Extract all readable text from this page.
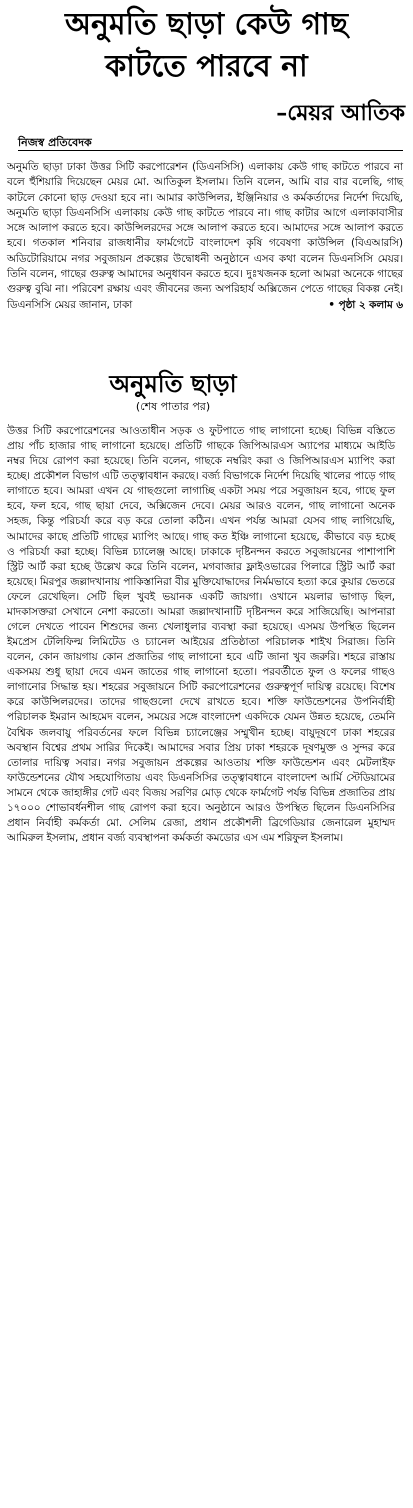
অনুমতি ছাড়া কেউ গাছ
কাটতে পারবে না
–মেয়র আতিক
নিজস্ব প্রতিবেদক

অনুমতি ছাড়া ঢাকা উত্তর সিটি করপোরেশন (ডিএনসিসি) এলাকায় কেউ গাছ কাটতে পারবে না বলে হুঁশিয়ারি দিয়েছেন মেয়র মো. আতিকুল ইসলাম। তিনি বলেন, আমি বার বার বলেছি, গাছ কাটলে কোনো ছাড় দেওয়া হবে না। আমার কাউন্সিলর, ইঞ্জিনিয়ার ও কর্মকর্তাদের নির্দেশ দিয়েছি, অনুমতি ছাড়া ডিএনসিসি এলাকায় কেউ গাছ কাটতে পারবে না। গাছ কাটার আগে এলাকাবাসীর সঙ্গে আলাপ করতে হবে। কাউন্সিলরদের সঙ্গে আলাপ করতে হবে। আমাদের সঙ্গে আলাপ করতে হবে। গতকাল শনিবার রাজধানীর ফার্মগেটে বাংলাদেশ কৃষি গবেষণা কাউন্সিল (বিএআরসি) অডিটোরিয়ামে নগর সবুজায়ন প্রকল্পের উদ্বোধনী অনুষ্ঠানে এসব কথা বলেন ডিএনসিসি মেয়র। তিনি বলেন, গাছের গুরুত্ব আমাদের অনুধাবন করতে হবে। দুঃখজনক হলো আমরা অনেকে গাছের গুরুত্ব বুঝি না। পরিবেশ রক্ষায় এবং জীবনের জন্য অপরিহার্য অক্সিজেন পেতে গাছের বিকল্প নেই। ডিএনসিসি মেয়র জানান, ঢাকা	• পৃষ্ঠা ২ কলাম ৬

অনুমতি ছাড়া
(শেষ পাতার পর)

উত্তর সিটি করপোরেশনের আওতাধীন সড়ক ও ফুটপাতে গাছ লাগানো হচ্ছে। বিভিন্ন বস্তিতে প্রায় পাঁচ হাজার গাছ লাগানো হয়েছে। প্রতিটি গাছকে জিপিআরএস অ্যাপের মাধ্যমে আইডি নম্বর দিয়ে রোপণ করা হয়েছে। তিনি বলেন, গাছকে নম্বরিং করা ও জিপিআরএস ম্যাপিং করা হচ্ছে। প্রকৌশল বিভাগ এটি তত্ত্বাবধান করছে। বর্জ্য বিভাগকে নির্দেশ দিয়েছি খালের পাড়ে গাছ লাগাতে হবে। আমরা এখন যে গাছগুলো লাগাচ্ছি একটা সময় পরে সবুজায়ন হবে, গাছে ফুল হবে, ফল হবে, গাছ ছায়া দেবে, অক্সিজেন দেবে। মেয়র আরও বলেন, গাছ লাগানো অনেক সহজ, কিন্তু পরিচর্যা করে বড় করে তোলা কঠিন। এখন পর্যন্ত আমরা যেসব গাছ লাগিয়েছি, আমাদের কাছে প্রতিটি গাছের ম্যাপিং আছে। গাছ কত ইঞ্চি লাগানো হয়েছে, কীভাবে বড় হচ্ছে ও পরিচর্যা করা হচ্ছে। বিভিন্ন চ্যালেঞ্জ আছে। ঢাকাকে দৃষ্টিনন্দন করতে সবুজায়নের পাশাপাশি স্ট্রিট আর্ট করা হচ্ছে উল্লেখ করে তিনি বলেন, মগবাজার ফ্লাইওভারের পিলারে স্ট্রিট আর্ট করা হয়েছে। মিরপুর জল্লাদখানায় পাকিস্তানিরা বীর মুক্তিযোদ্ধাদের নির্মমভাবে হত্যা করে কুয়ার ভেতরে ফেলে রেখেছিল। সেটি ছিল খুবই ভয়ানক একটি জায়গা। ওখানে ময়লার ভাগাড় ছিল, মাদকাসক্তরা সেখানে নেশা করতো। আমরা জল্লাদখানাটি দৃষ্টিনন্দন করে সাজিয়েছি। আপনারা গেলে দেখতে পাবেন শিশুদের জন্য খেলাধুলার ব্যবস্থা করা হয়েছে। এসময় উপস্থিত ছিলেন ইমপ্রেস টেলিফিল্ম লিমিটেড ও চ্যানেল আইয়ের প্রতিষ্ঠাতা পরিচালক শাইখ সিরাজ। তিনি বলেন, কোন জায়গায় কোন প্রজাতির গাছ লাগানো হবে এটি জানা খুব জরুরি। শহরে রাস্তায় একসময় শুধু ছায়া দেবে এমন জাতের গাছ লাগানো হতো। পরবর্তীতে ফুল ও ফলের গাছও লাগানোর সিদ্ধান্ত হয়। শহরের সবুজায়নে সিটি করপোরেশনের গুরুত্বপূর্ণ দায়িত্ব রয়েছে। বিশেষ করে কাউন্সিলরদের। তাদের গাছগুলো দেখে রাখতে হবে। শক্তি ফাউন্ডেশনের উপনির্বাহী পরিচালক ইমরান আহমেদ বলেন, সময়ের সঙ্গে বাংলাদেশ একদিকে যেমন উন্নত হয়েছে, তেমনি বৈশ্বিক জলবায়ু পরিবর্তনের ফলে বিভিন্ন চ্যালেঞ্জের সম্মুখীন হচ্ছে। বায়ুদূষণে ঢাকা শহরের অবস্থান বিশ্বের প্রথম সারির দিকেই। আমাদের সবার প্রিয় ঢাকা শহরকে দূষণমুক্ত ও সুন্দর করে তোলার দায়িত্ব সবার। নগর সবুজায়ন প্রকল্পের আওতায় শক্তি ফাউন্ডেশন এবং মেটলাইফ ফাউন্ডেশনের যৌথ সহযোগিতায় এবং ডিএনসিসির তত্ত্বাবধানে বাংলাদেশ আর্মি স্টেডিয়ামের সামনে থেকে জাহাঙ্গীর গেট এবং বিজয় সরণির মোড় থেকে ফার্মগেট পর্যন্ত বিভিন্ন প্রজাতির প্রায় ১৭০০০ শোভাবর্ধনশীল গাছ রোপণ করা হবে। অনুষ্ঠানে আরও উপস্থিত ছিলেন ডিএনসিসির প্রধান নির্বাহী কর্মকর্তা মো. সেলিম রেজা, প্রধান প্রকৌশলী ব্রিগেডিয়ার জেনারেল মুহাম্মদ আমিরুল ইসলাম, প্রধান বর্জ্য ব্যবস্থাপনা কর্মকর্তা কমডোর এস এম শরিফুল ইসলাম।
